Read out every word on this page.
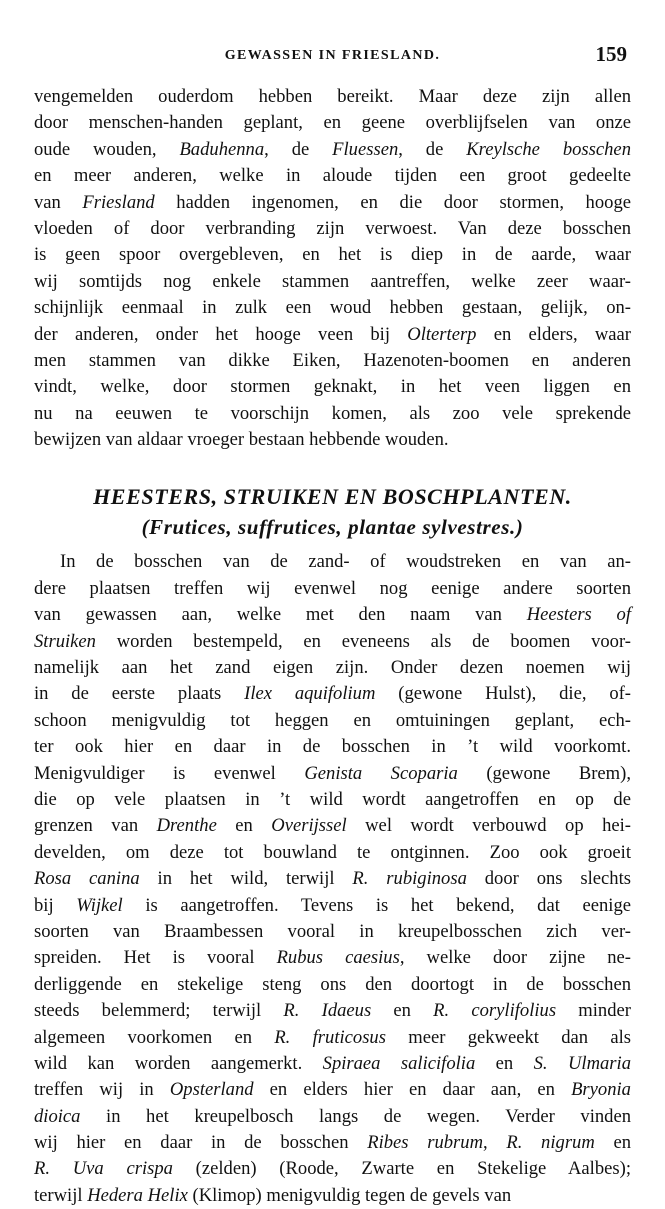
GEWASSEN IN FRIESLAND.	159
vengemelden ouderdom hebben bereikt. Maar deze zijn allen
door menschen-handen geplant, en geene overblijfselen van onze
oude wouden, Baduhenna, de Fluessen, de Kreylsche bosschen
en meer anderen, welke in aloude tijden een groot gedeelte
van Friesland hadden ingenomen, en die door stormen, hooge
vloeden of door verbranding zijn verwoest. Van deze bosschen
is geen spoor overgebleven, en het is diep in de aarde, waar
wij somtijds nog enkele stammen aantreffen, welke zeer waar-
schijnlijk eenmaal in zulk een woud hebben gestaan, gelijk, on-
der anderen, onder het hooge veen bij Olterterp en elders, waar
men stammen van dikke Eiken, Hazenoten-boomen en anderen
vindt, welke, door stormen geknakt, in het veen liggen en
nu na eeuwen te voorschijn komen, als zoo vele sprekende
bewijzen van aldaar vroeger bestaan hebbende wouden.
HEESTERS, STRUIKEN EN BOSCHPLANTEN.
(Frutices, suffrutices, plantae sylvestres.)
In de bosschen van de zand- of woudstreken en van an-
dere plaatsen treffen wij evenwel nog eenige andere soorten
van gewassen aan, welke met den naam van Heesters of
Struiken worden bestempeld, en eveneens als de boomen voor-
namelijk aan het zand eigen zijn. Onder dezen noemen wij
in de eerste plaats Ilex aquifolium (gewone Hulst), die, of-
schoon menigvuldig tot heggen en omtuiningen geplant, ech-
ter ook hier en daar in de bosschen in ’t wild voorkomt.
Menigvuldiger is evenwel Genista Scoparia (gewone Brem),
die op vele plaatsen in ’t wild wordt aangetroffen en op de
grenzen van Drenthe en Overijssel wel wordt verbouwd op hei-
develden, om deze tot bouwland te ontginnen. Zoo ook groeit
Rosa canina in het wild, terwijl R. rubiginosa door ons slechts
bij Wijkel is aangetroffen. Tevens is het bekend, dat eenige
soorten van Braambessen vooral in kreupelbosschen zich ver-
spreiden. Het is vooral Rubus caesius, welke door zijne ne-
derliggende en stekelige steng ons den doortogt in de bosschen
steeds belemmerd; terwijl R. Idaeus en R. corylifolius minder
algemeen voorkomen en R. fruticosus meer gekweekt dan als
wild kan worden aangemerkt. Spiraea salicifolia en S. Ulmaria
treffen wij in Opsterland en elders hier en daar aan, en Bryonia
dioica in het kreupelbosch langs de wegen. Verder vinden
wij hier en daar in de bosschen Ribes rubrum, R. nigrum en
R. Uva crispa (zelden) (Roode, Zwarte en Stekelige Aalbes);
terwijl Hedera Helix (Klimop) menigvuldig tegen de gevels van
